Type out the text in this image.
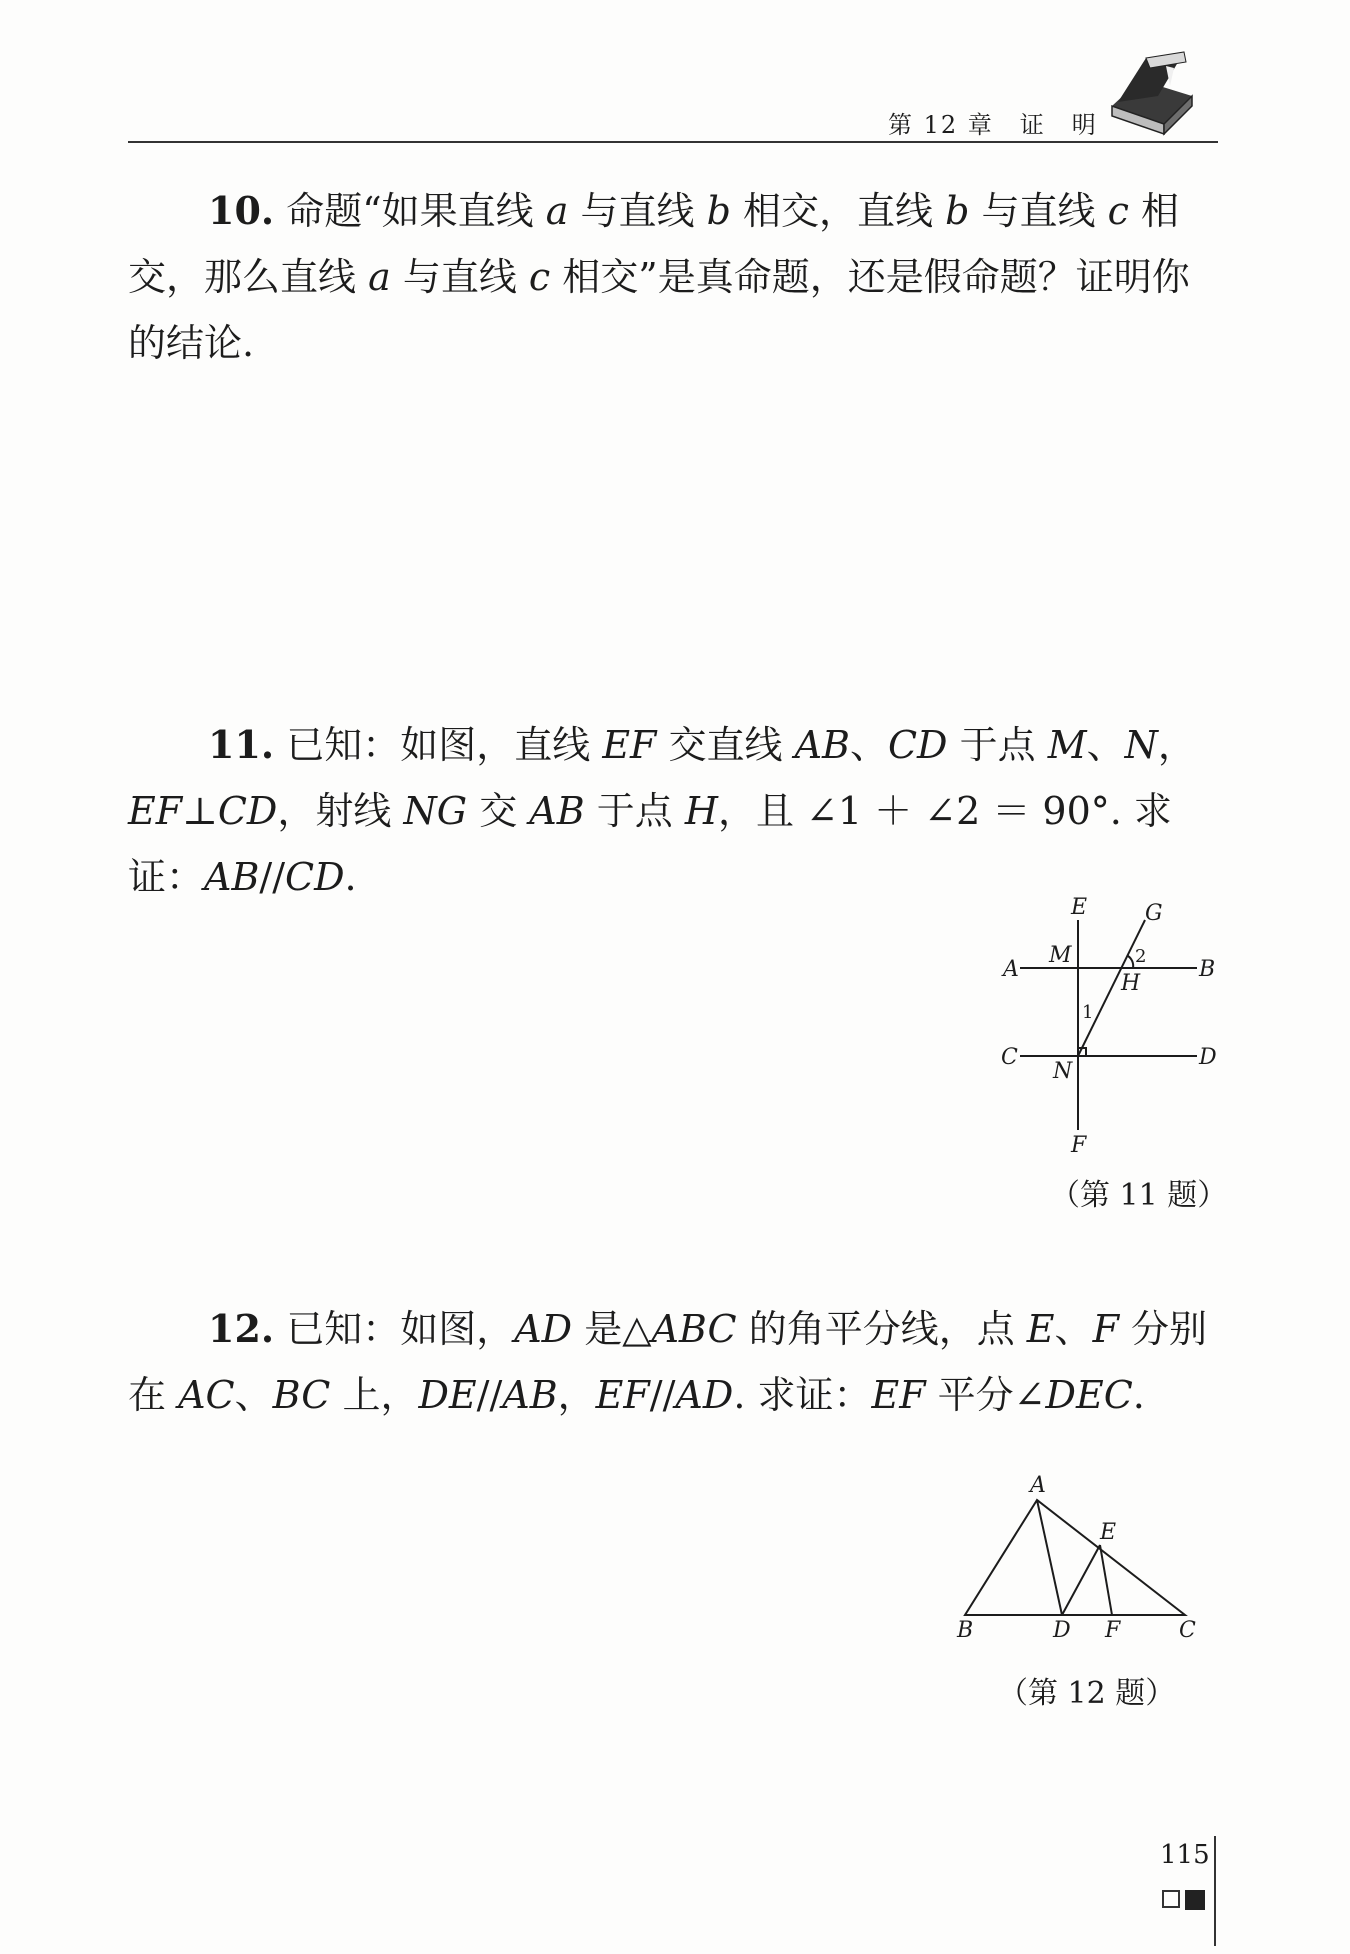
第 12 章 证　明
10. 命题“如果直线 a 与直线 b 相交，直线 b 与直线 c 相交，那么直线 a 与直线 c 相交”是真命题，还是假命题？证明你的结论.
11. 已知：如图，直线 EF 交直线 AB、CD 于点 M、N，EF⊥CD，射线 NG 交 AB 于点 H，且 ∠1 ＋ ∠2 ＝ 90°. 求证：AB//CD.
E	G
A
M
B
H
2
1
C
N
D
F
（第 11 题）
12. 已知：如图，AD 是△ABC 的角平分线，点 E、F 分别在 AC、BC 上，DE//AB，EF//AD. 求证：EF 平分∠DEC.
A
E
B	D F	C
（第 12 题）
115
